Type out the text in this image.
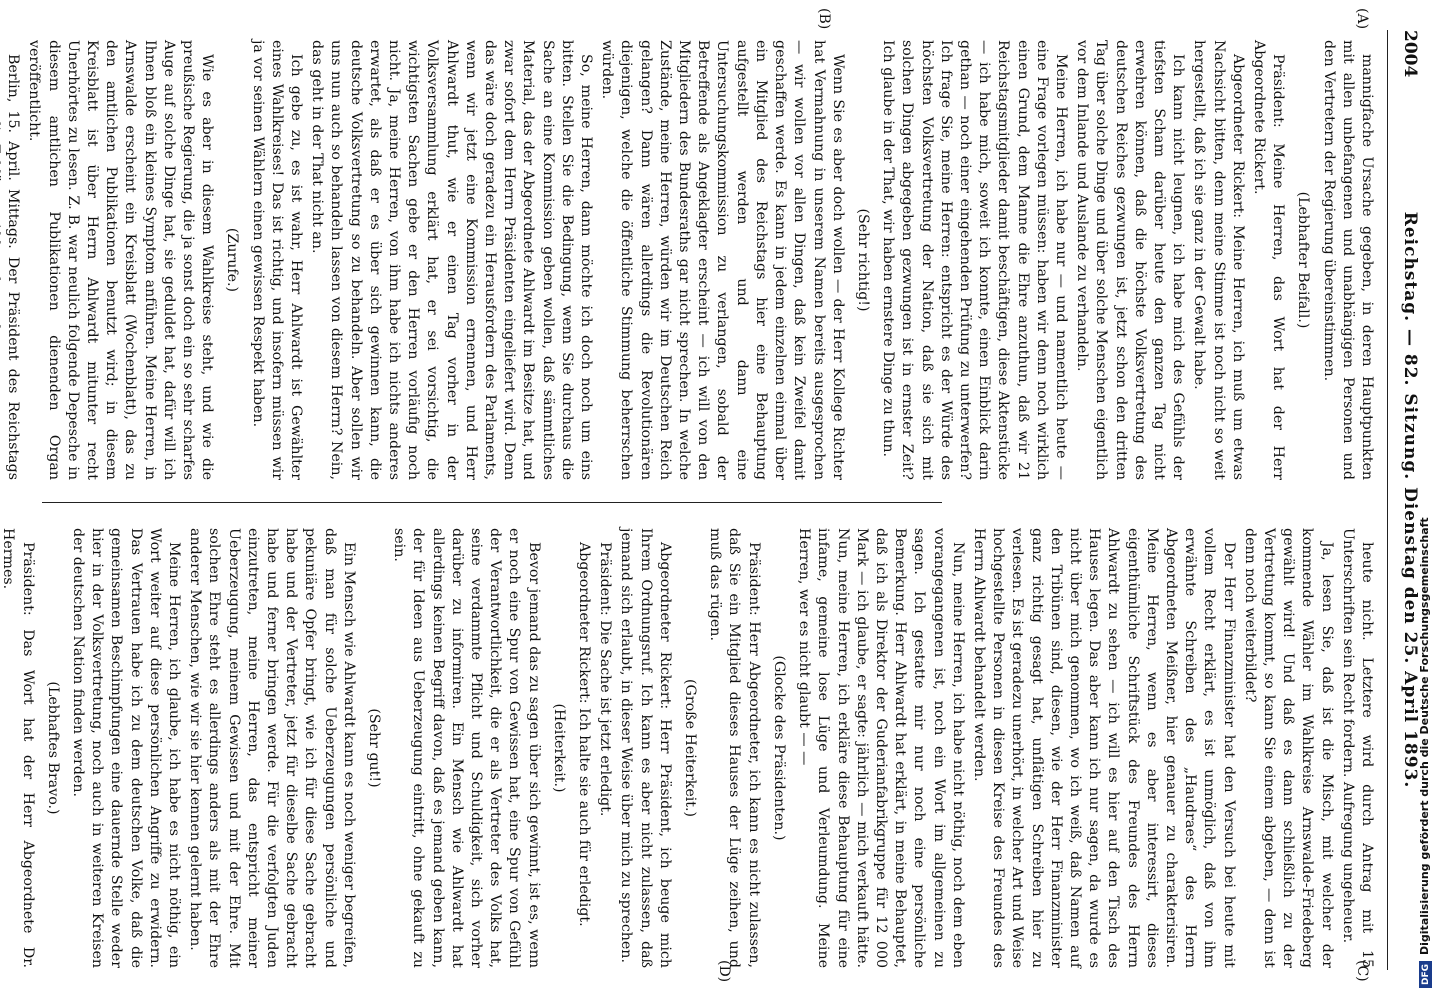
2004
Reichstag. — 82. Sitzung. Dienstag den 25. April 1893.
(A)
(B)
(C)
(D)

mannigfache Ursache gegeben, in deren Hauptpunkten mit allen unbefangenen und unabhängigen Personen und den Vertretern der Regierung übereinstimmen.

(Lebhafter Beifall.)

Präsident: Meine Herren, das Wort hat der Herr Abgeordnete Rickert.

Abgeordneter Rickert: Meine Herren, ich muß um etwas Nachsicht bitten, denn meine Stimme ist noch nicht so weit hergestellt, daß ich sie ganz in der Gewalt habe.

Ich kann nicht leugnen, ich habe mich des Gefühls der tiefsten Scham darüber heute den ganzen Tag nicht erwehren können, daß die höchste Volksvertretung des deutschen Reiches gezwungen ist, jetzt schon den dritten Tag über solche Dinge und über solche Menschen eigentlich vor dem Inlande und Auslande zu verhandeln.

Meine Herren, ich habe nur — und namentlich heute — eine Frage vorlegen müssen: haben wir denn noch wirklich einen Grund, dem Manne die Ehre anzuthun, daß wir 21 Reichstagsmitglieder damit beschäftigen, diese Aktenstücke — ich habe mich, soweit ich konnte, einen Einblick darin gethan — noch einer eingehenden Prüfung zu unterwerfen? Ich frage Sie, meine Herren: entspricht es der Würde des höchsten Volksvertretung der Nation, daß sie sich mit solchen Dingen abgegeben gezwungen ist in ernster Zeit? Ich glaube in der That, wir haben ernstere Dinge zu thun.

(Sehr richtig!)

Wenn Sie es aber doch wollen — der Herr Kollege Richter hat Vermahnung in unserem Namen bereits ausgesprochen — wir wollen vor allen Dingen, daß kein Zweifel damit geschaffen werde. Es kann in jedem einzelnen einmal über ein Mitglied des Reichstags hier eine Behauptung aufgestellt werden und dann eine Untersuchungskommission zu verlangen, sobald der Betreffende als Angeklagter erscheint — ich will von den Mitgliedern des Bundesraths gar nicht sprechen. In welche Zustände, meine Herren, würden wir im Deutschen Reich gelangen? Dann wären allerdings die Revolutionären diejenigen, welche die öffentliche Stimmung beherrschen würden.

So, meine Herren, dann möchte ich doch noch um eins bitten. Stellen Sie die Bedingung, wenn Sie durchaus die Sache an eine Kommission geben wollen, daß sämmtliches Material, das der Abgeordnete Ahlwardt im Besitze hat, und zwar sofort dem Herrn Präsidenten eingeliefert wird. Denn das wäre doch geradezu ein Herausfordern des Parlaments, wenn wir jetzt eine Kommission ernennen, und Herr Ahlwardt thut, wie er einen Tag vorher in der Volksversammlung erklärt hat, er sei vorsichtig, die wichtigsten Sachen gebe er den Herren vorläufig noch nicht. Ja, meine Herren, von ihm habe ich nichts anderes erwartet, als daß er es über sich gewinnen kann, die deutsche Volksvertretung so zu behandeln. Aber sollen wir uns nun auch so behandeln lassen von diesem Herrn? Nein, das geht in der That nicht an.

Ich gebe zu, es ist wahr, Herr Ahlwardt ist Gewählter eines Wahlkreises! Das ist richtig, und insofern müssen wir ja vor seinen Wählern einen gewissen Respekt haben.

(Zurufe.)

Wie es aber in diesem Wahlkreise steht, und wie die preußische Regierung, die ja sonst doch ein so sehr scharfes Auge auf solche Dinge hat, sie geduldet hat, dafür will ich Ihnen bloß ein kleines Symptom anführen. Meine Herren, in Arnswalde erscheint ein Kreisblatt (Wochenblatt), das zu den amtlichen Publikationen benutzt wird; in diesem Kreisblatt ist über Herrn Ahlwardt mitunter recht Unerhörtes zu lesen. Z. B. war neulich folgende Depesche in diesem amtlichen Publikationen dienenden Organ veröffentlicht.

Berlin, 15. April. Mittags. Der Präsident des Reichstags

heute nicht. Letztere wird durch Antrag mit 15 Unterschriften sein Recht fordern. Aufregung ungeheuer.

Ja, lesen Sie, daß ist die Misch, mit welcher der kommende Wähler im Wahlkreise Arnswalde-Friedeberg gewählt wird! Und daß es dann schließlich zu der Vertretung kommt, so kann Sie einem abgeben, — denn ist denn noch weiterbildet?

Der Herr Finanzminister hat den Versuch bei heute mit vollem Recht erklärt, es ist unmöglich, daß von ihm erwähnte Schreiben des „Haudraes“ des Herrn Abgeordneten Meißner, hier genauer zu charakterisiren. Meine Herren, wenn es aber interessirt, dieses eigenthümliche Schriftstück des Freundes des Herrn Ahlwardt zu sehen — ich will es hier auf den Tisch des Hauses legen. Das aber kann ich nur sagen, da wurde es nicht über mich genommen, wo ich weiß, daß Namen auf den Tribünen sind, diesen, wie der Herr Finanzminister ganz richtig gesagt hat, unflätigen Schreiben hier zu verlesen. Es ist geradezu unerhört, in welcher Art und Weise hochgestellte Personen in diesen Kreise des Freundes des Herrn Ahlwardt behandelt werden.

Nun, meine Herren, ich habe nicht nöthig, noch dem eben vorangegangenen ist, noch ein Wort im allgemeinen zu sagen. Ich gestatte mir nur noch eine persönliche Bemerkung. Herr Ahlwardt hat erklärt, in meine Behauptet, daß ich als Direktor der Guderianfabrikgruppe für 12 000 Mark — ich glaube, er sagte: jährlich — mich verkauft hätte. Nun, meine Herren, ich erkläre diese Behauptung für eine infame, gemeine lose Lüge und Verleumdung. Meine Herren, wer es nicht glaubt — —

(Glocke des Präsidenten.)

Präsident: Herr Abgeordneter, ich kann es nicht zulassen, daß Sie ein Mitglied dieses Hauses der Lüge zeihen, und muß das rügen.

(Große Heiterkeit.)

Abgeordneter Rickert: Herr Präsident, ich beuge mich Ihrem Ordnungsruf. Ich kann es aber nicht zulassen, daß jemand sich erlaubt, in dieser Weise über mich zu sprechen.

Präsident: Die Sache ist jetzt erledigt.

Abgeordneter Rickert: Ich halte sie auch für erledigt.

(Heiterkeit.)

Bevor jemand das zu sagen über sich gewinnt, ist es, wenn er noch eine Spur von Gewissen hat, eine Spur von Gefühl der Verantwortlichkeit, die er als Vertreter des Volks hat, seine verdammte Pflicht und Schuldigkeit, sich vorher darüber zu informiren. Ein Mensch wie Ahlwardt hat allerdings keinen Begriff davon, daß es jemand geben kann, der für Ideen aus Ueberzeugung eintritt, ohne gekauft zu sein.

(Sehr gut!)

Ein Mensch wie Ahlwardt kann es noch weniger begreifen, daß man für solche Ueberzeugungen persönliche und pekuniäre Opfer bringt, wie ich für diese Sache gebracht habe und der Vertreter, jetzt für dieselbe Sache gebracht habe und ferner bringen werde. Für die verfolgten Juden einzutreten, meine Herren, das entspricht meiner Ueberzeugung, meinem Gewissen und mit der Ehre. Mit solchen Ehre steht es allerdings anders als mit der Ehre anderer Menschen, wie wir sie hier kennen gelernt haben.

Meine Herren, ich glaube, ich habe es nicht nöthig, ein Wort weiter auf diese persönlichen Angriffe zu erwidern. Das Vertrauen habe ich zu dem deutschen Volke, daß die gemeinsamen Beschimpfungen eine dauernde Stelle weder hier in der Volksvertretung, noch auch in weiteren Kreisen der deutschen Nation finden werden.

(Lebhaftes Bravo.)

Präsident: Das Wort hat der Herr Abgeordnete Dr. Hermes.

DFGDigitalisierung gefördert durch die Deutsche Forschungsgemeinschaft
